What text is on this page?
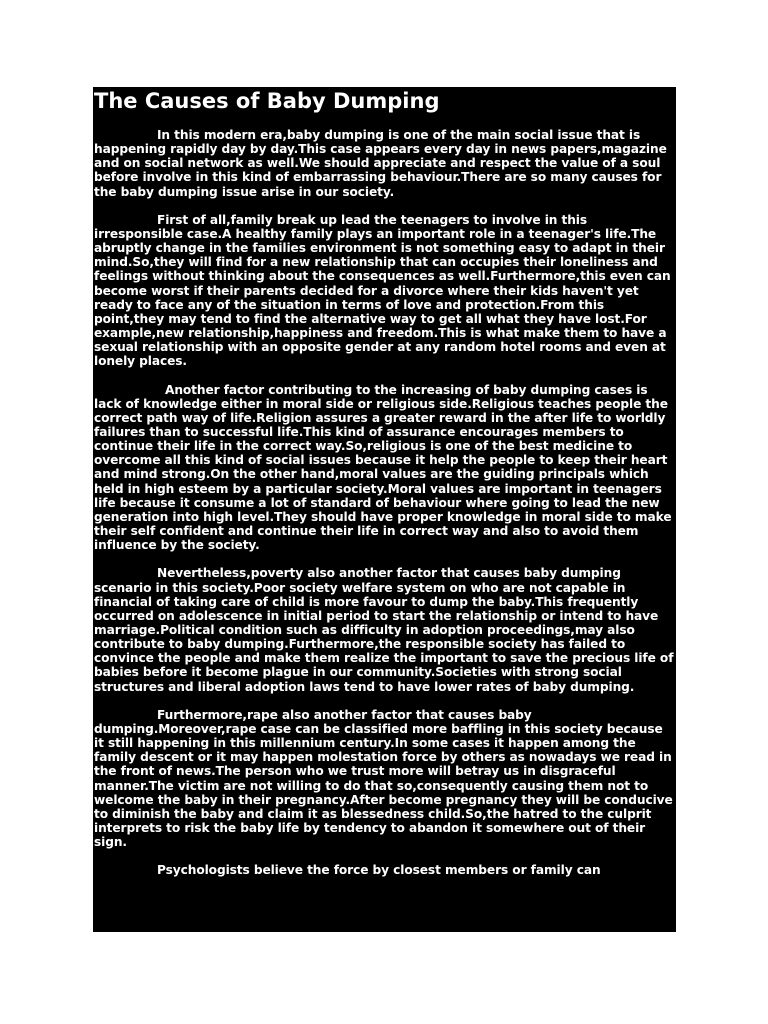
The Causes of Baby Dumping

In this modern era,baby dumping is one of the main social issue that is happening rapidly day by day.This case appears every day in news papers,magazine and on social network as well.We should appreciate and respect the value of a soul before involve in this kind of embarrassing behaviour.There are so many causes for the baby dumping issue arise in our society.

First of all,family break up lead the teenagers to involve in this irresponsible case.A healthy family plays an important role in a teenager's life.The abruptly change in the families environment is not something easy to adapt in their mind.So,they will find for a new relationship that can occupies their loneliness and feelings without thinking about the consequences as well.Furthermore,this even can become worst if their parents decided for a divorce where their kids haven't yet ready to face any of the situation in terms of love and protection.From this point,they may tend to find the alternative way to get all what they have lost.For example,new relationship,happiness and freedom.This is what make them to have a sexual relationship with an opposite gender at any random hotel rooms and even at lonely places.

Another factor contributing to the increasing of baby dumping cases is lack of knowledge either in moral side or religious side.Religious teaches people the correct path way of life.Religion assures a greater reward in the after life to worldly failures than to successful life.This kind of assurance encourages members to continue their life in the correct way.So,religious is one of the best medicine to overcome all this kind of social issues because it help the people to keep their heart and mind strong.On the other hand,moral values are the guiding principals which held in high esteem by a particular society.Moral values are important in teenagers life because it consume a lot of standard of behaviour where going to lead the new generation into high level.They should have proper knowledge in moral side to make their self confident and continue their life in correct way and also to avoid them influence by the society.

Nevertheless,poverty also another factor that causes baby dumping scenario in this society.Poor society welfare system on who are not capable in financial of taking care of child is more favour to dump the baby.This frequently occurred on adolescence in initial period to start the relationship or intend to have marriage.Political condition such as difficulty in adoption proceedings,may also contribute to baby dumping.Furthermore,the responsible society has failed to convince the people and make them realize the important to save the precious life of babies before it become plague in our community.Societies with strong social structures and liberal adoption laws tend to have lower rates of baby dumping.

Furthermore,rape also another factor that causes baby dumping.Moreover,rape case can be classified more baffling in this society because it still happening in this millennium century.In some cases it happen among the family descent or it may happen molestation force by others as nowadays we read in the front of news.The person who we trust more will betray us in disgraceful manner.The victim are not willing to do that so,consequently causing them not to welcome the baby in their pregnancy.After become pregnancy they will be conducive to diminish the baby and claim it as blessedness child.So,the hatred to the culprit interprets to risk the baby life by tendency to abandon it somewhere out of their sign.

Psychologists believe the force by closest members or family can
